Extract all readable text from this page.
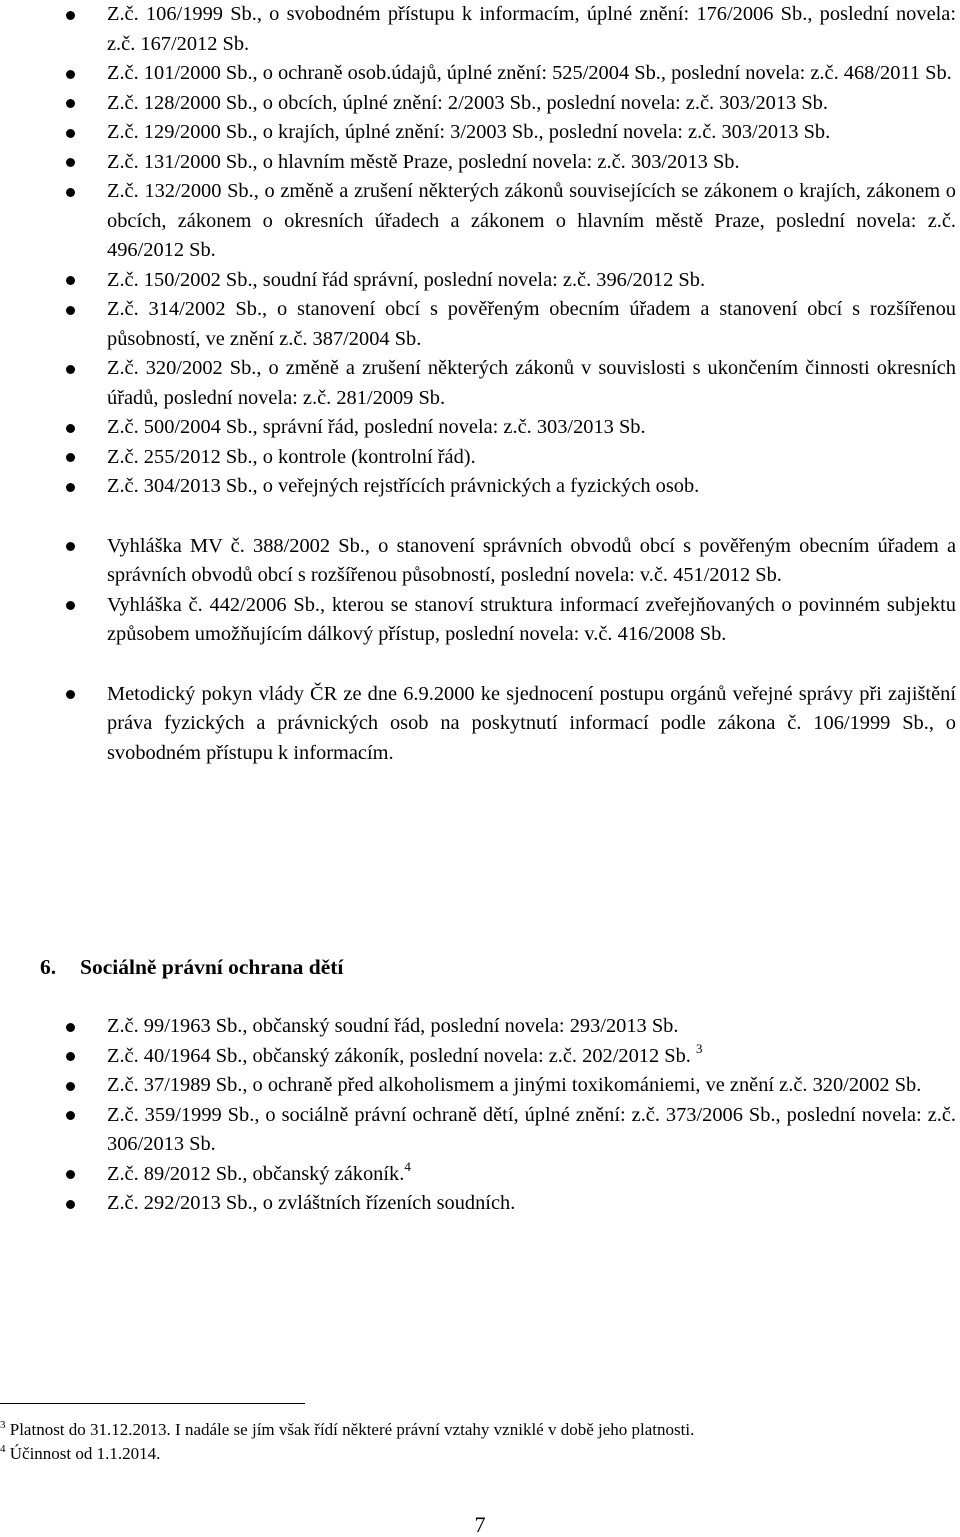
Z.č. 106/1999 Sb., o svobodném přístupu k informacím, úplné znění: 176/2006 Sb., poslední novela: z.č. 167/2012 Sb.
Z.č. 101/2000 Sb., o ochraně osob.údajů, úplné znění: 525/2004 Sb., poslední novela: z.č. 468/2011 Sb.
Z.č. 128/2000 Sb., o obcích, úplné znění: 2/2003 Sb., poslední novela: z.č. 303/2013 Sb.
Z.č. 129/2000 Sb., o krajích, úplné znění: 3/2003 Sb., poslední novela: z.č. 303/2013 Sb.
Z.č. 131/2000 Sb., o hlavním městě Praze, poslední novela: z.č. 303/2013 Sb.
Z.č. 132/2000 Sb., o změně a zrušení některých zákonů souvisejících se zákonem o krajích, zákonem o obcích, zákonem o okresních úřadech a zákonem o hlavním městě Praze, poslední novela: z.č. 496/2012 Sb.
Z.č. 150/2002 Sb., soudní řád správní, poslední novela: z.č. 396/2012 Sb.
Z.č. 314/2002 Sb., o stanovení obcí s pověřeným obecním úřadem a stanovení obcí s rozšířenou působností, ve znění z.č. 387/2004 Sb.
Z.č. 320/2002 Sb., o změně a zrušení některých zákonů v souvislosti s ukončením činnosti okresních úřadů, poslední novela: z.č. 281/2009 Sb.
Z.č. 500/2004 Sb., správní řád, poslední novela: z.č. 303/2013 Sb.
Z.č. 255/2012 Sb., o kontrole (kontrolní řád).
Z.č. 304/2013 Sb., o veřejných rejstřících právnických a fyzických osob.
Vyhláška MV č. 388/2002 Sb., o stanovení správních obvodů obcí s pověřeným obecním úřadem a správních obvodů obcí s rozšířenou působností, poslední novela: v.č. 451/2012 Sb.
Vyhláška č. 442/2006 Sb., kterou se stanoví struktura informací zveřejňovaných o povinném subjektu způsobem umožňujícím dálkový přístup, poslední novela: v.č. 416/2008 Sb.
Metodický pokyn vlády ČR ze dne 6.9.2000 ke sjednocení postupu orgánů veřejné správy při zajištění práva fyzických a právnických osob na poskytnutí informací podle zákona č. 106/1999 Sb., o svobodném přístupu k informacím.
6. Sociálně právní ochrana dětí
Z.č. 99/1963 Sb., občanský soudní řád, poslední novela: 293/2013 Sb.
Z.č. 40/1964 Sb., občanský zákoník, poslední novela: z.č. 202/2012 Sb. $^3$
Z.č. 37/1989 Sb., o ochraně před alkoholismem a jinými toxikomániemi, ve znění z.č. 320/2002 Sb.
Z.č. 359/1999 Sb., o sociálně právní ochraně dětí, úplné znění: z.č. 373/2006 Sb., poslední novela: z.č. 306/2013 Sb.
Z.č. 89/2012 Sb., občanský zákoník.$^4$
Z.č. 292/2013 Sb., o zvláštních řízeních soudních.
$^3$ Platnost do 31.12.2013. I nadále se jím však řídí některé právní vztahy vzniklé v době jeho platnosti.
$^4$ Účinnost od 1.1.2014.
7
